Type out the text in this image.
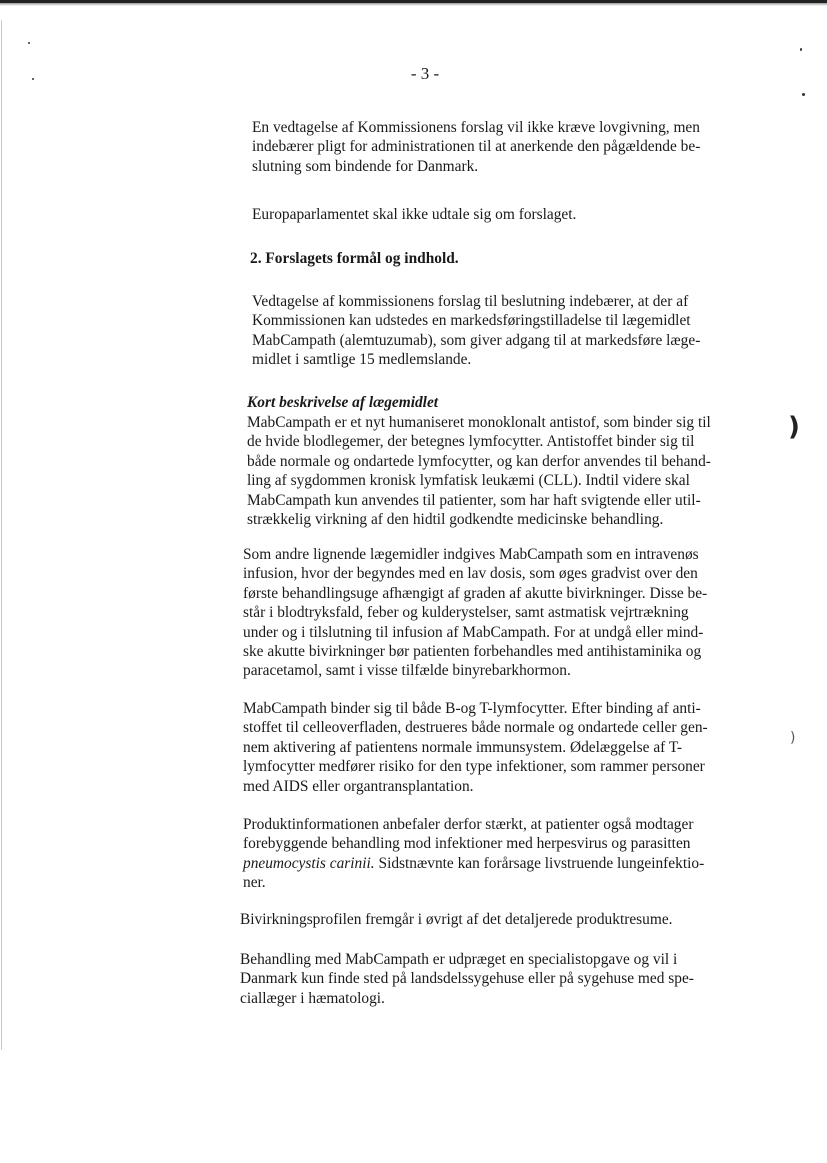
- 3 -

En vedtagelse af Kommissionens forslag vil ikke kræve lovgivning, men
indebærer pligt for administrationen til at anerkende den pågældende be-
slutning som bindende for Danmark.

Europaparlamentet skal ikke udtale sig om forslaget.

2. Forslagets formål og indhold.

Vedtagelse af kommissionens forslag til beslutning indebærer, at der af
Kommissionen kan udstedes en markedsføringstilladelse til lægemidlet
MabCampath (alemtuzumab), som giver adgang til at markedsføre læge-
midlet i samtlige 15 medlemslande.

Kort beskrivelse af lægemidlet

MabCampath er et nyt humaniseret monoklonalt antistof, som binder sig til
de hvide blodlegemer, der betegnes lymfocytter. Antistoffet binder sig til
både normale og ondartede lymfocytter, og kan derfor anvendes til behand-
ling af sygdommen kronisk lymfatisk leukæmi (CLL). Indtil videre skal
MabCampath kun anvendes til patienter, som har haft svigtende eller util-
strækkelig virkning af den hidtil godkendte medicinske behandling.

Som andre lignende lægemidler indgives MabCampath som en intravenøs
infusion, hvor der begyndes med en lav dosis, som øges gradvist over den
første behandlingsuge afhængigt af graden af akutte bivirkninger. Disse be-
står i blodtryksfald, feber og kulderystelser, samt astmatisk vejrtrækning
under og i tilslutning til infusion af MabCampath. For at undgå eller mind-
ske akutte bivirkninger bør patienten forbehandles med antihistaminika og
paracetamol, samt i visse tilfælde binyrebarkhormon.

MabCampath binder sig til både B-og T-lymfocytter. Efter binding af anti-
stoffet til celleoverfladen, destrueres både normale og ondartede celler gen-
nem aktivering af patientens normale immunsystem. Ødelæggelse af T-
lymfocytter medfører risiko for den type infektioner, som rammer personer
med AIDS eller organtransplantation.

Produktinformationen anbefaler derfor stærkt, at patienter også modtager
forebyggende behandling mod infektioner med herpesvirus og parasitten
pneumocystis carinii. Sidstnævnte kan forårsage livstruende lungeinfektio-
ner.

Bivirkningsprofilen fremgår i øvrigt af det detaljerede produktresume.

Behandling med MabCampath er udpræget en specialistopgave og vil i
Danmark kun finde sted på landsdelssygehuse eller på sygehuse med spe-
ciallæger i hæmatologi.

)
)
